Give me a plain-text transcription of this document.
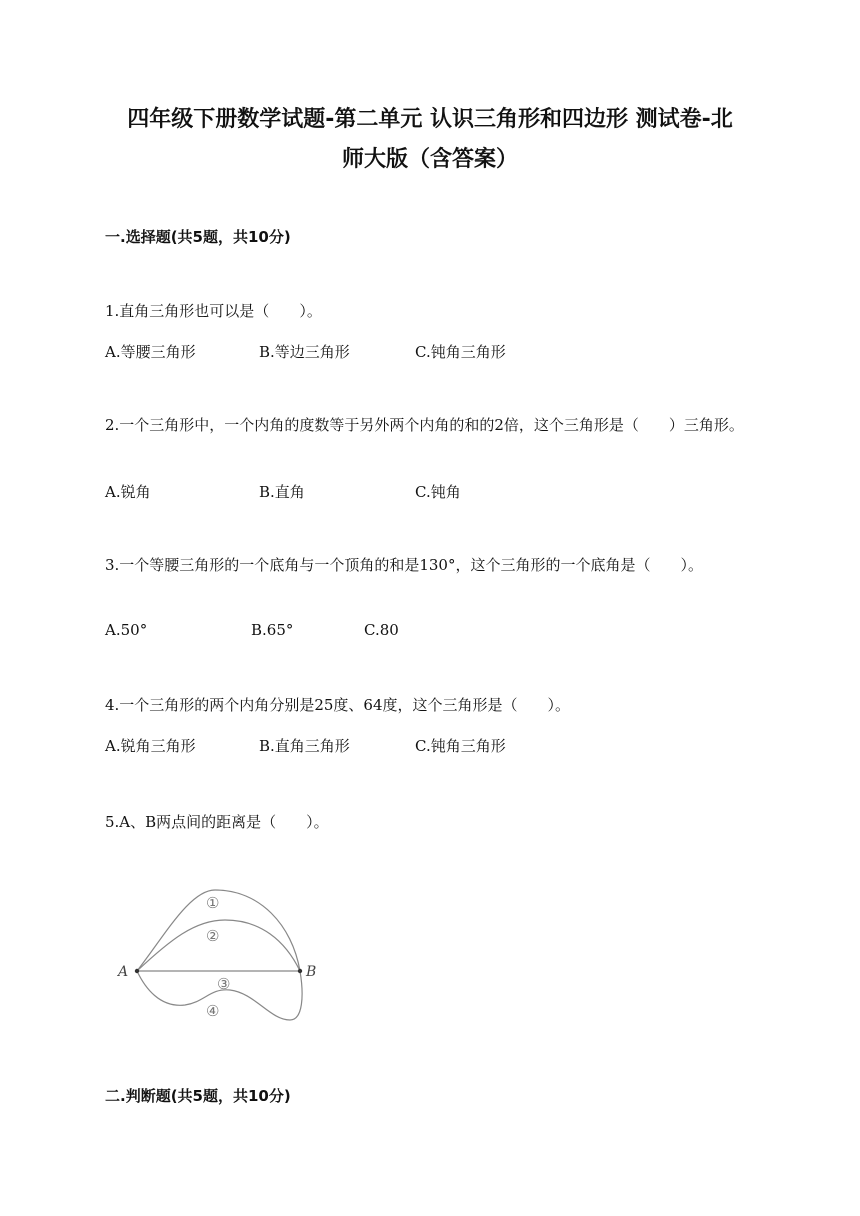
四年级下册数学试题-第二单元 认识三角形和四边形 测试卷-北
师大版（含答案）
一.选择题(共5题，共10分)
1.直角三角形也可以是（　　）。
A.等腰三角形	B.等边三角形	C.钝角三角形
2.一个三角形中，一个内角的度数等于另外两个内角的和的2倍，这个三角形是（　　）三角形。
A.锐角	B.直角	C.钝角
3.一个等腰三角形的一个底角与一个顶角的和是130°，这个三角形的一个底角是（　　）。
A.50°	B.65°	C.80
4.一个三角形的两个内角分别是25度、64度，这个三角形是（　　）。
A.锐角三角形	B.直角三角形	C.钝角三角形
5.A、B两点间的距离是（　　）。
A	B
①
②
③
④
二.判断题(共5题，共10分)
